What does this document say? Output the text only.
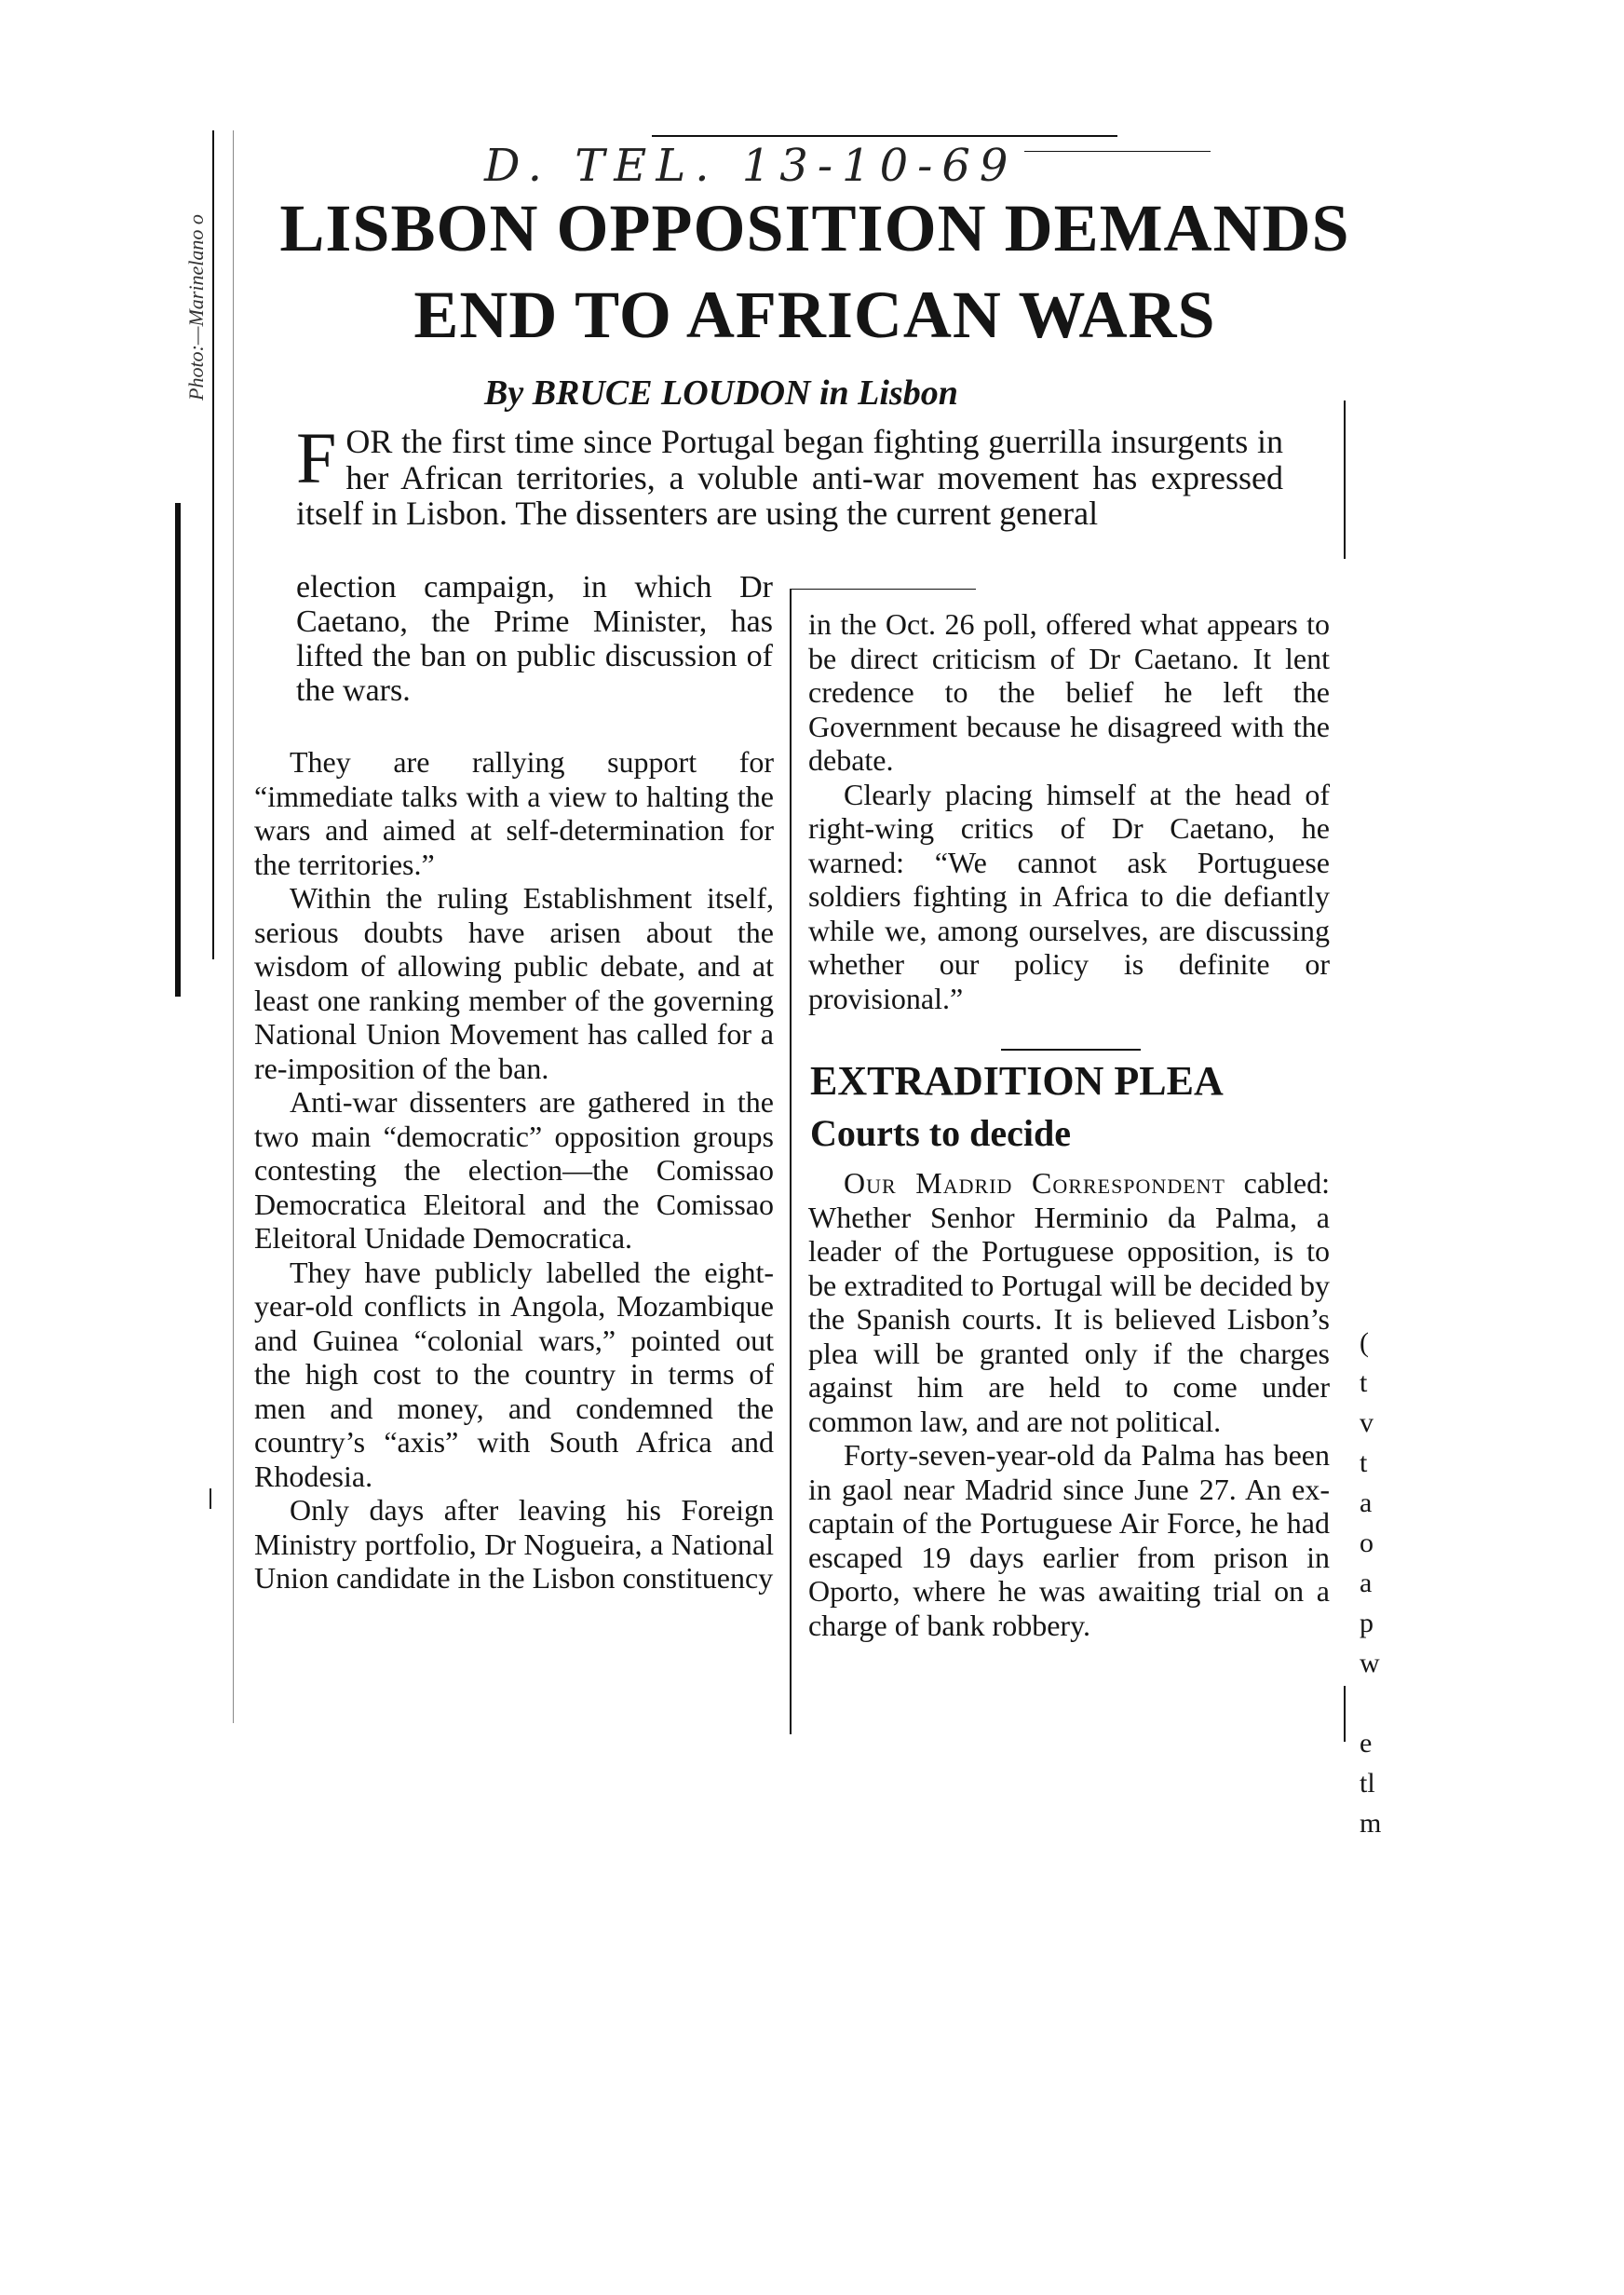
Photo:—Marinelano o
D. TEL. 13-10-69
LISBON OPPOSITION DEMANDS
END TO AFRICAN WARS
By BRUCE LOUDON in Lisbon
FOR the first time since Portugal began fighting guerrilla insurgents in her African territories, a voluble anti-war movement has expressed itself in Lisbon. The dissenters are using the current general

election campaign, in which Dr Caetano, the Prime Minister, has lifted the ban on public discussion of the wars.

They are rallying support for “immediate talks with a view to halting the wars and aimed at self-determination for the territories.”

Within the ruling Establishment itself, serious doubts have arisen about the wisdom of allowing public debate, and at least one ranking member of the governing National Union Movement has called for a re-imposition of the ban.

Anti-war dissenters are gathered in the two main “democratic” opposition groups contesting the election—the Comissao Democratica Eleitoral and the Comissao Eleitoral Unidade Democratica.

They have publicly labelled the eight-year-old conflicts in Angola, Mozambique and Guinea “colonial wars,” pointed out the high cost to the country in terms of men and money, and condemned the country’s “axis” with South Africa and Rhodesia.

Only days after leaving his Foreign Ministry portfolio, Dr Nogueira, a National Union candidate in the Lisbon constituency

in the Oct. 26 poll, offered what appears to be direct criticism of Dr Caetano. It lent credence to the belief he left the Government because he disagreed with the debate.

Clearly placing himself at the head of right-wing critics of Dr Caetano, he warned: “We cannot ask Portuguese soldiers fighting in Africa to die defiantly while we, among ourselves, are discussing whether our policy is definite or provisional.”

EXTRADITION PLEA
Courts to decide

Our Madrid Correspondent cabled: Whether Senhor Herminio da Palma, a leader of the Portuguese opposition, is to be extradited to Portugal will be decided by the Spanish courts. It is believed Lisbon’s plea will be granted only if the charges against him are held to come under common law, and are not political.

Forty-seven-year-old da Palma has been in gaol near Madrid since June 27. An ex-captain of the Portuguese Air Force, he had escaped 19 days earlier from prison in Oporto, where he was awaiting trial on a charge of bank robbery.

(
t
v
t
a
o
a
p
w

e
tl
m
